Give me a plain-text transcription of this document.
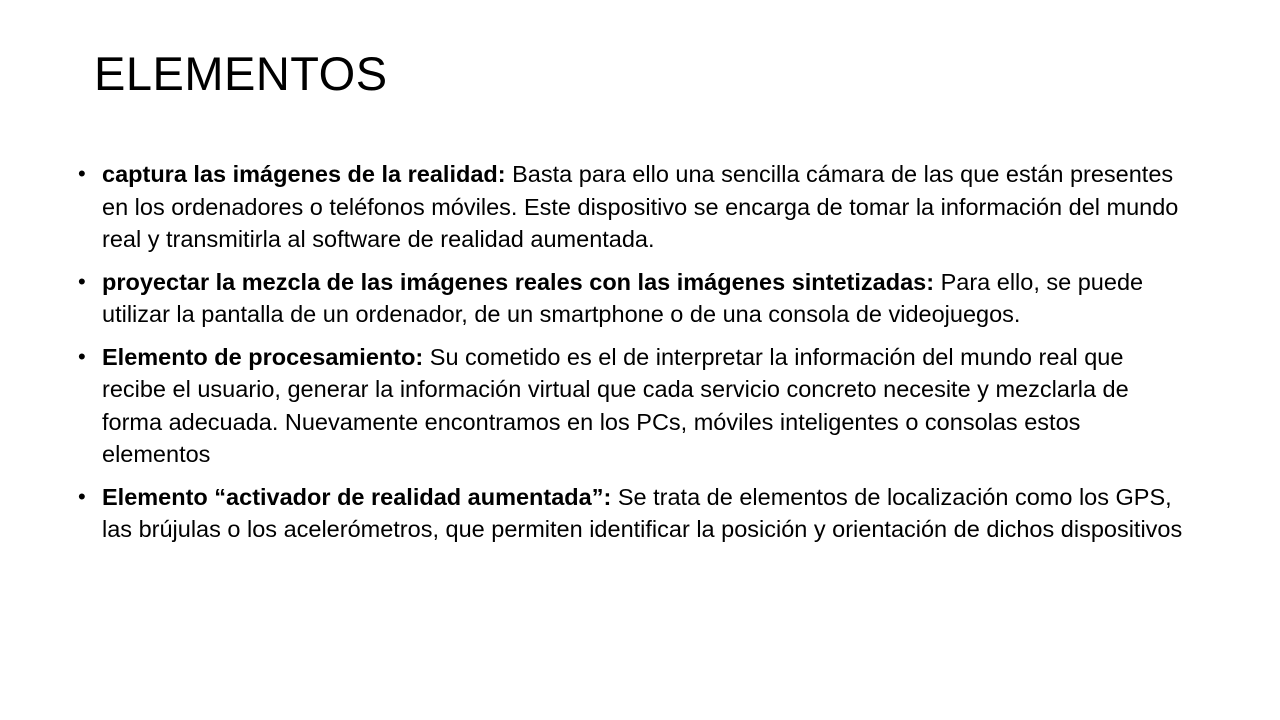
ELEMENTOS
• captura las imágenes de la realidad: Basta para ello una sencilla cámara de las que están presentes en los ordenadores o teléfonos móviles. Este dispositivo se encarga de tomar la información del mundo real y transmitirla al software de realidad aumentada.
• proyectar la mezcla de las imágenes reales con las imágenes sintetizadas: Para ello, se puede utilizar la pantalla de un ordenador, de un smartphone o de una consola de videojuegos.
• Elemento de procesamiento: Su cometido es el de interpretar la información del mundo real que recibe el usuario, generar la información virtual que cada servicio concreto necesite y mezclarla de forma adecuada. Nuevamente encontramos en los PCs, móviles inteligentes o consolas estos elementos
• Elemento “activador de realidad aumentada”: Se trata de elementos de localización como los GPS, las brújulas o los acelerómetros, que permiten identificar la posición y orientación de dichos dispositivos
